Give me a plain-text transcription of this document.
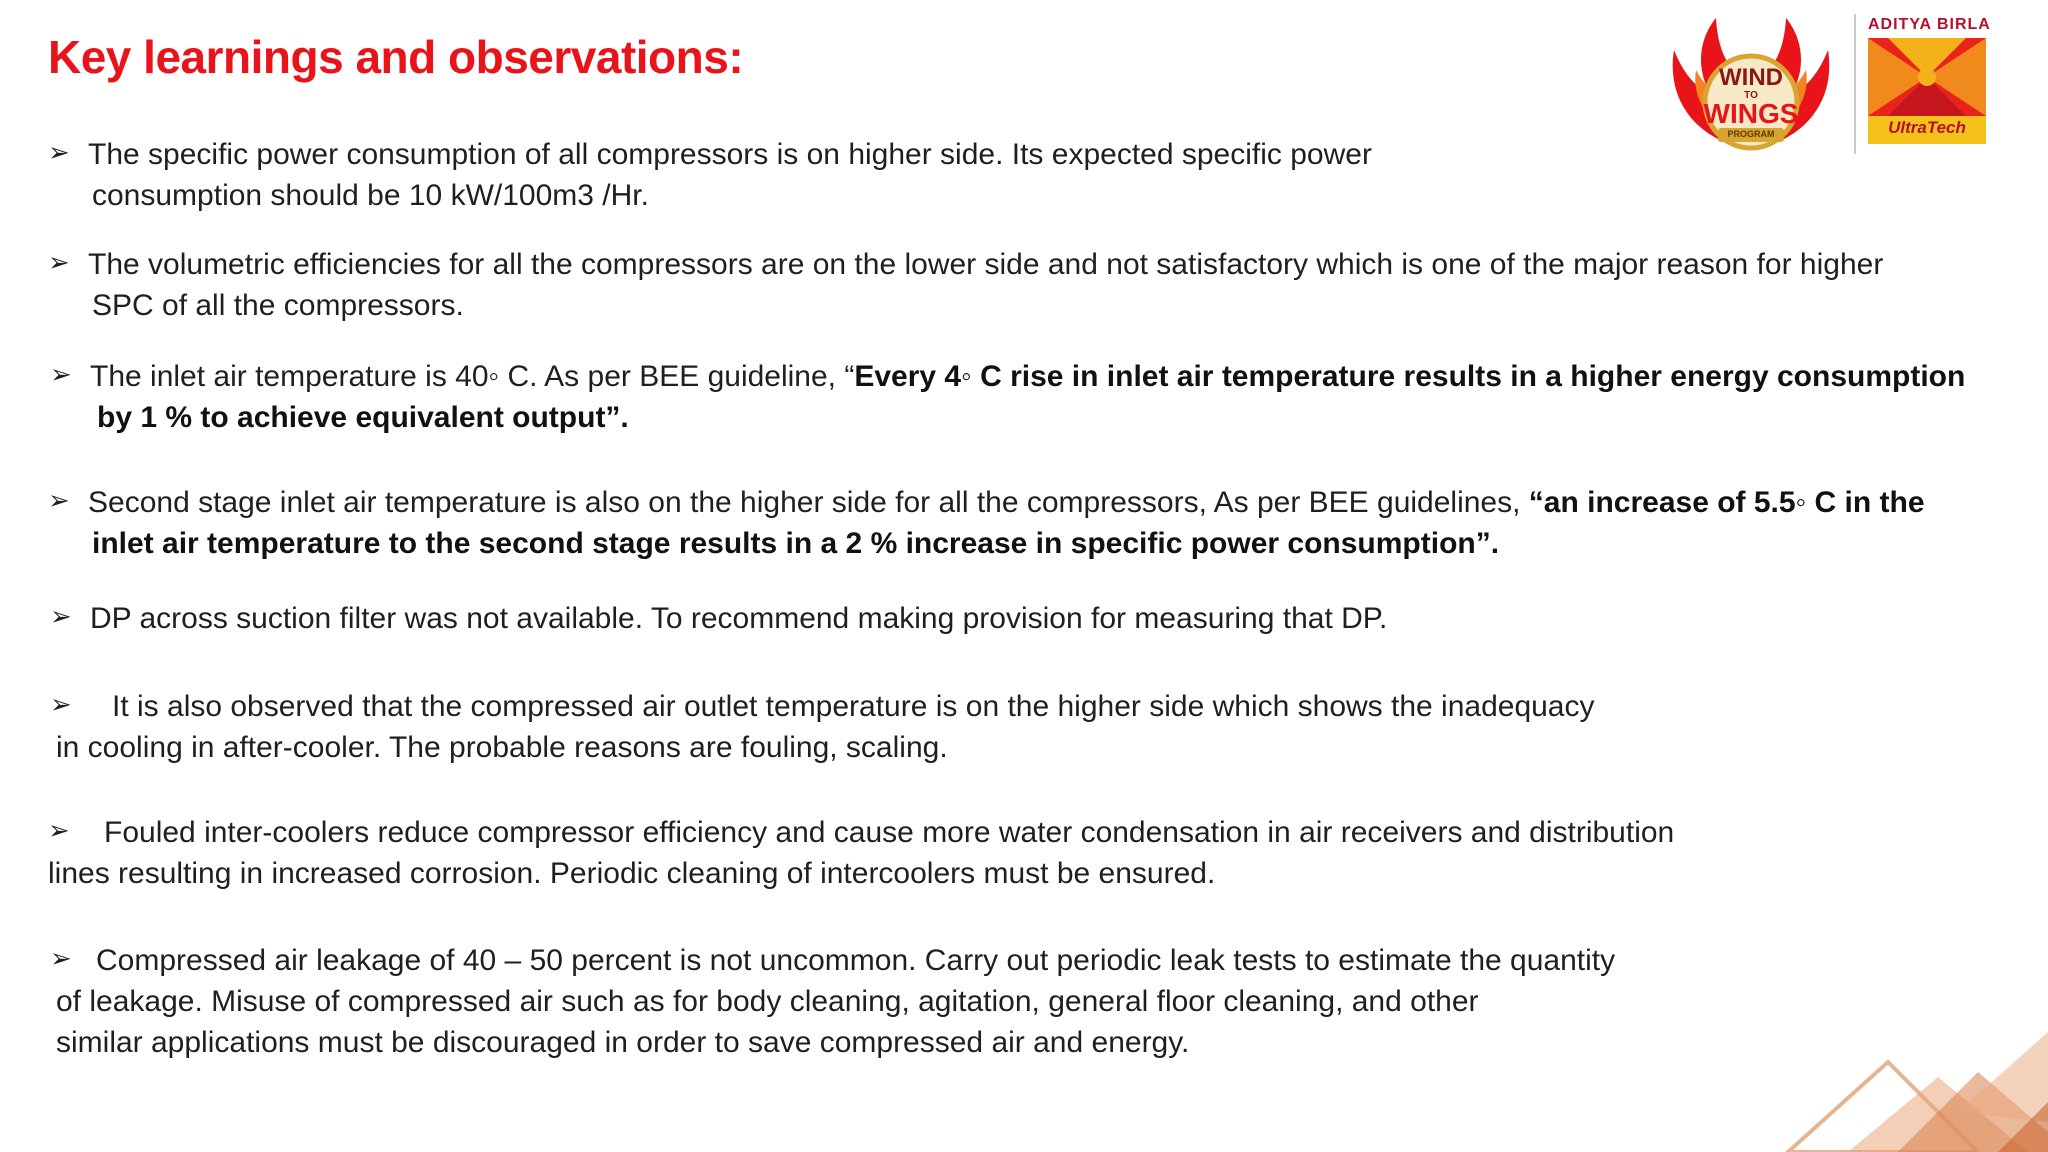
Key learnings and observations:	WIND
TO
WINGS
PROGRAM
ADITYA BIRLA
UltraTech
➢ The specific power consumption of all compressors is on higher side. Its expected specific power
consumption should be 10 kW/100m3 /Hr.
➢ The volumetric efficiencies for all the compressors are on the lower side and not satisfactory which is one of the major reason for higher
SPC of all the compressors.
➢ The inlet air temperature is 40◦ C. As per BEE guideline, “Every 4◦ C rise in inlet air temperature results in a higher energy consumption
by 1 % to achieve equivalent output”.
➢ Second stage inlet air temperature is also on the higher side for all the compressors, As per BEE guidelines, “an increase of 5.5◦ C in the
inlet air temperature to the second stage results in a 2 % increase in specific power consumption”.
➢ DP across suction filter was not available. To recommend making provision for measuring that DP.
➢ It is also observed that the compressed air outlet temperature is on the higher side which shows the inadequacy
in cooling in after-cooler. The probable reasons are fouling, scaling.
➢ Fouled inter-coolers reduce compressor efficiency and cause more water condensation in air receivers and distribution
lines resulting in increased corrosion. Periodic cleaning of intercoolers must be ensured.
➢ Compressed air leakage of 40 – 50 percent is not uncommon. Carry out periodic leak tests to estimate the quantity
of leakage. Misuse of compressed air such as for body cleaning, agitation, general floor cleaning, and other
similar applications must be discouraged in order to save compressed air and energy.
